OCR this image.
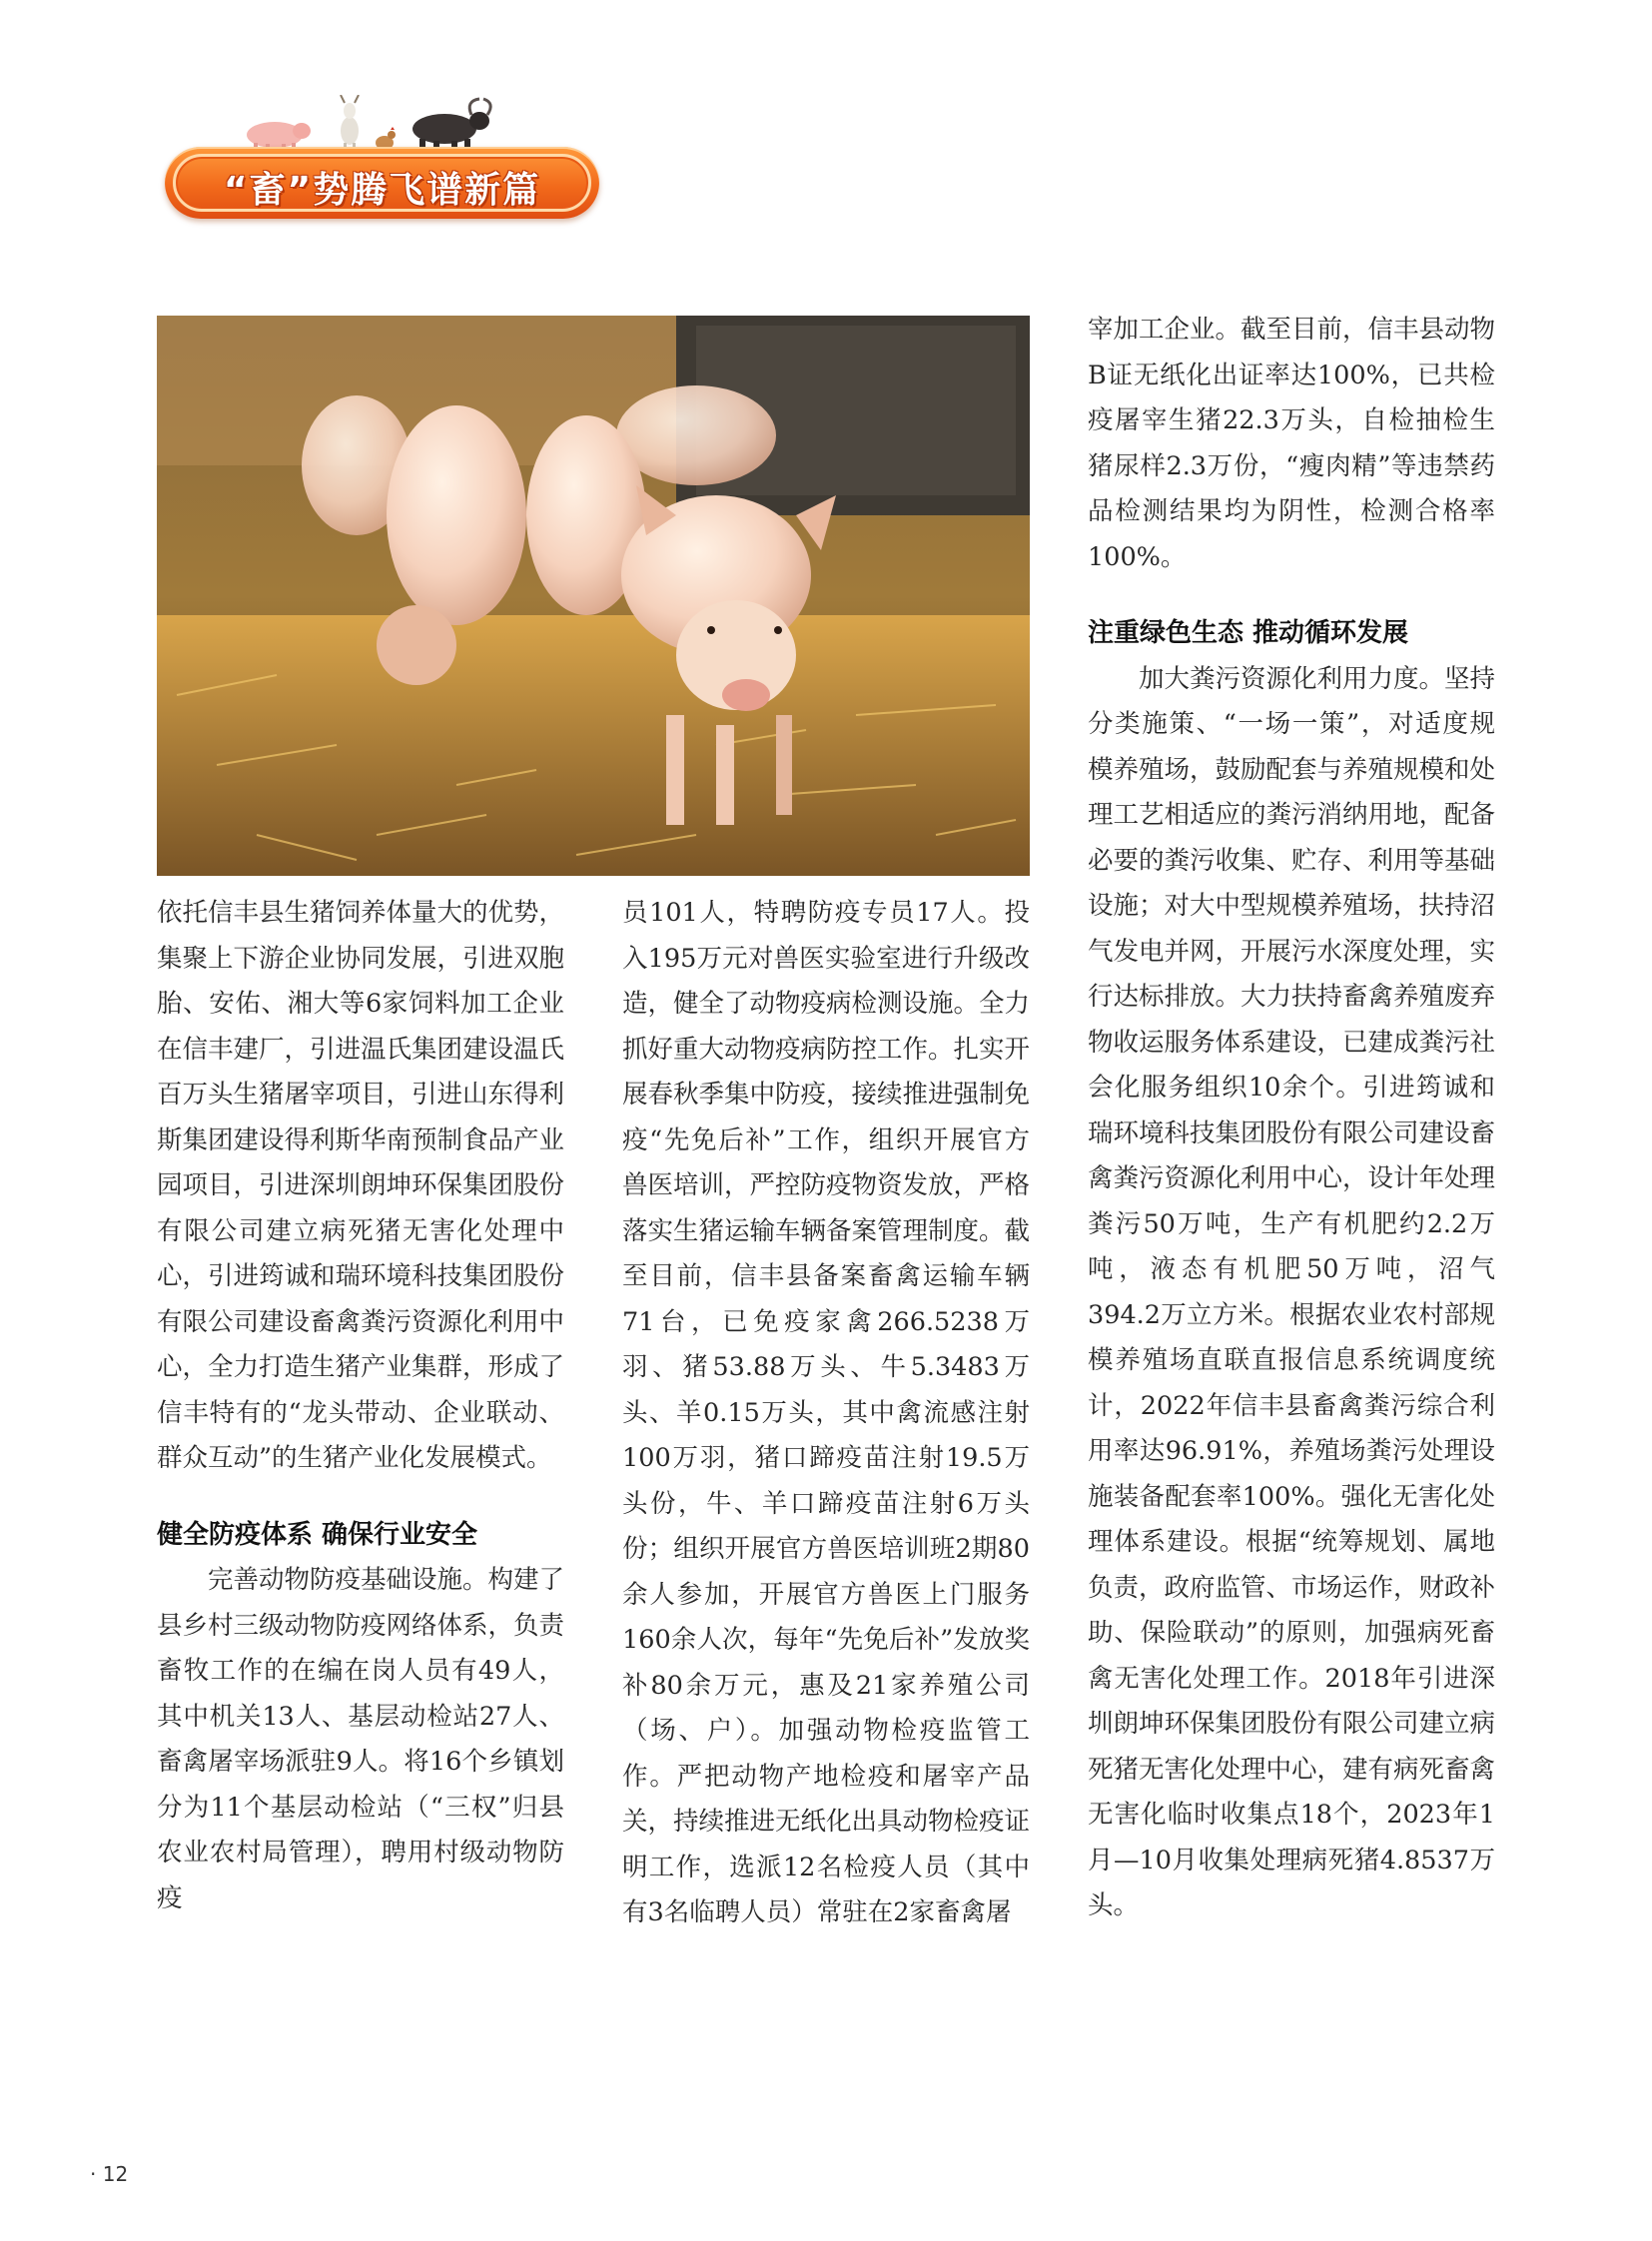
“畜”势腾飞谱新篇

依托信丰县生猪饲养体量大的优势，集聚上下游企业协同发展，引进双胞胎、安佑、湘大等6家饲料加工企业在信丰建厂，引进温氏集团建设温氏百万头生猪屠宰项目，引进山东得利斯集团建设得利斯华南预制食品产业园项目，引进深圳朗坤环保集团股份有限公司建立病死猪无害化处理中心，引进筠诚和瑞环境科技集团股份有限公司建设畜禽粪污资源化利用中心，全力打造生猪产业集群，形成了信丰特有的“龙头带动、企业联动、群众互动”的生猪产业化发展模式。

健全防疫体系 确保行业安全

完善动物防疫基础设施。构建了县乡村三级动物防疫网络体系，负责畜牧工作的在编在岗人员有49人，其中机关13人、基层动检站27人、畜禽屠宰场派驻9人。将16个乡镇划分为11个基层动检站（“三权”归县农业农村局管理），聘用村级动物防疫

员101人，特聘防疫专员17人。投入195万元对兽医实验室进行升级改造，健全了动物疫病检测设施。全力抓好重大动物疫病防控工作。扎实开展春秋季集中防疫，接续推进强制免疫“先免后补”工作，组织开展官方兽医培训，严控防疫物资发放，严格落实生猪运输车辆备案管理制度。截至目前，信丰县备案畜禽运输车辆71台，已免疫家禽266.5238万羽、猪53.88万头、牛5.3483万头、羊0.15万头，其中禽流感注射100万羽，猪口蹄疫苗注射19.5万头份，牛、羊口蹄疫苗注射6万头份；组织开展官方兽医培训班2期80余人参加，开展官方兽医上门服务160余人次，每年“先免后补”发放奖补80余万元，惠及21家养殖公司（场、户）。加强动物检疫监管工作。严把动物产地检疫和屠宰产品关，持续推进无纸化出具动物检疫证明工作，选派12名检疫人员（其中有3名临聘人员）常驻在2家畜禽屠

宰加工企业。截至目前，信丰县动物B证无纸化出证率达100%，已共检疫屠宰生猪22.3万头，自检抽检生猪尿样2.3万份，“瘦肉精”等违禁药品检测结果均为阴性，检测合格率100%。

注重绿色生态 推动循环发展

加大粪污资源化利用力度。坚持分类施策、“一场一策”，对适度规模养殖场，鼓励配套与养殖规模和处理工艺相适应的粪污消纳用地，配备必要的粪污收集、贮存、利用等基础设施；对大中型规模养殖场，扶持沼气发电并网，开展污水深度处理，实行达标排放。大力扶持畜禽养殖废弃物收运服务体系建设，已建成粪污社会化服务组织10余个。引进筠诚和瑞环境科技集团股份有限公司建设畜禽粪污资源化利用中心，设计年处理粪污50万吨，生产有机肥约2.2万吨，液态有机肥50万吨，沼气394.2万立方米。根据农业农村部规模养殖场直联直报信息系统调度统计，2022年信丰县畜禽粪污综合利用率达96.91%，养殖场粪污处理设施装备配套率100%。强化无害化处理体系建设。根据“统筹规划、属地负责，政府监管、市场运作，财政补助、保险联动”的原则，加强病死畜禽无害化处理工作。2018年引进深圳朗坤环保集团股份有限公司建立病死猪无害化处理中心，建有病死畜禽无害化临时收集点18个，2023年1月—10月收集处理病死猪4.8537万头。

· 12
